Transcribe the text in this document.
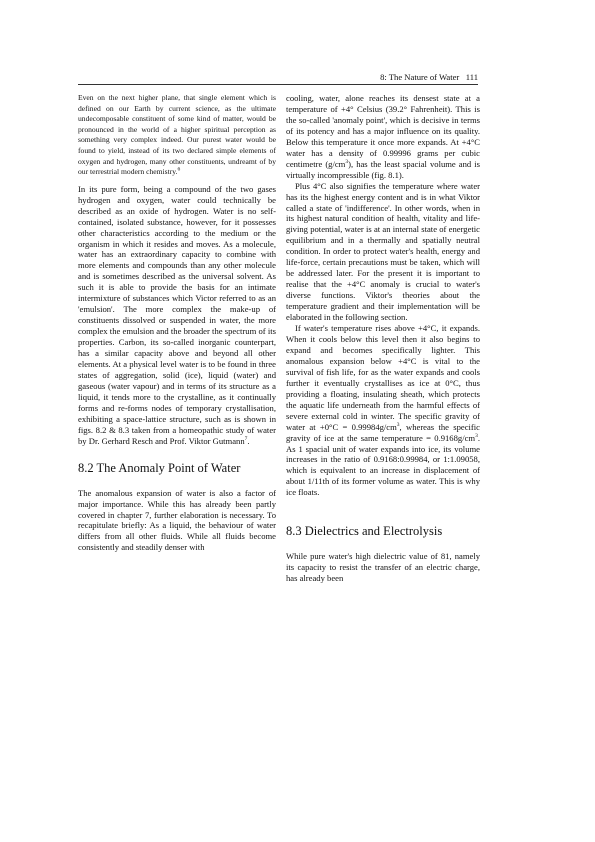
8: The Nature of Water 111

Even on the next higher plane, that single element which is defined on our Earth by current science, as the ultimate undecomposable constituent of some kind of matter, would be pronounced in the world of a higher spiritual perception as something very complex indeed. Our purest water would be found to yield, instead of its two declared simple elements of oxygen and hydrogen, many other constituents, undreamt of by our terrestrial modern chemistry.$^6$

In its pure form, being a compound of the two gases hydrogen and oxygen, water could technically be described as an oxide of hydrogen. Water is no self-contained, isolated substance, however, for it possesses other characteristics according to the medium or the organism in which it resides and moves. As a molecule, water has an extraordinary capacity to combine with more elements and compounds than any other molecule and is sometimes described as the universal solvent. As such it is able to provide the basis for an intimate intermixture of substances which Victor referred to as an 'emulsion'. The more complex the make-up of constituents dissolved or suspended in water, the more complex the emulsion and the broader the spectrum of its properties. Carbon, its so-called inorganic counterpart, has a similar capacity above and beyond all other elements. At a physical level water is to be found in three states of aggregation, solid (ice), liquid (water) and gaseous (water vapour) and in terms of its structure as a liquid, it tends more to the crystalline, as it continually forms and re-forms nodes of temporary crystallisation, exhibiting a space-lattice structure, such as is shown in figs. 8.2 & 8.3 taken from a homeopathic study of water by Dr. Gerhard Resch and Prof. Viktor Gutmann$^7$.

8.2 The Anomaly Point of Water

The anomalous expansion of water is also a factor of major importance. While this has already been partly covered in chapter 7, further elaboration is necessary. To recapitulate briefly: As a liquid, the behaviour of water differs from all other fluids. While all fluids become consistently and steadily denser with

cooling, water, alone reaches its densest state at a temperature of +4° Celsius (39.2° Fahrenheit). This is the so-called 'anomaly point', which is decisive in terms of its potency and has a major influence on its quality. Below this temperature it once more expands. At +4°C water has a density of 0.99996 grams per cubic centimetre $(g/cm^3)$, has the least spacial volume and is virtually incompressible (fig. 8.1).

Plus 4°C also signifies the temperature where water has its the highest energy content and is in what Viktor called a state of 'indifference'. In other words, when in its highest natural condition of health, vitality and life-giving potential, water is at an internal state of energetic equilibrium and in a thermally and spatially neutral condition. In order to protect water's health, energy and life-force, certain precautions must be taken, which will be addressed later. For the present it is important to realise that the +4°C anomaly is crucial to water's diverse functions. Viktor's theories about the temperature gradient and their implementation will be elaborated in the following section.

If water's temperature rises above +4°C, it expands. When it cools below this level then it also begins to expand and becomes specifically lighter. This anomalous expansion below +4°C is vital to the survival of fish life, for as the water expands and cools further it eventually crystallises as ice at 0°C, thus providing a floating, insulating sheath, which protects the aquatic life underneath from the harmful effects of severe external cold in winter. The specific gravity of water at $+0^\circ C = 0.99984g/cm^3$, whereas the specific gravity of ice at the same temperature = $0.9168g/cm^3$. As 1 spacial unit of water expands into ice, its volume increases in the ratio of 0.9168:0.99984, or 1:1.09058, which is equivalent to an increase in displacement of about 1/11th of its former volume as water. This is why ice floats.

8.3 Dielectrics and Electrolysis

While pure water's high dielectric value of 81, namely its capacity to resist the transfer of an electric charge, has already been
